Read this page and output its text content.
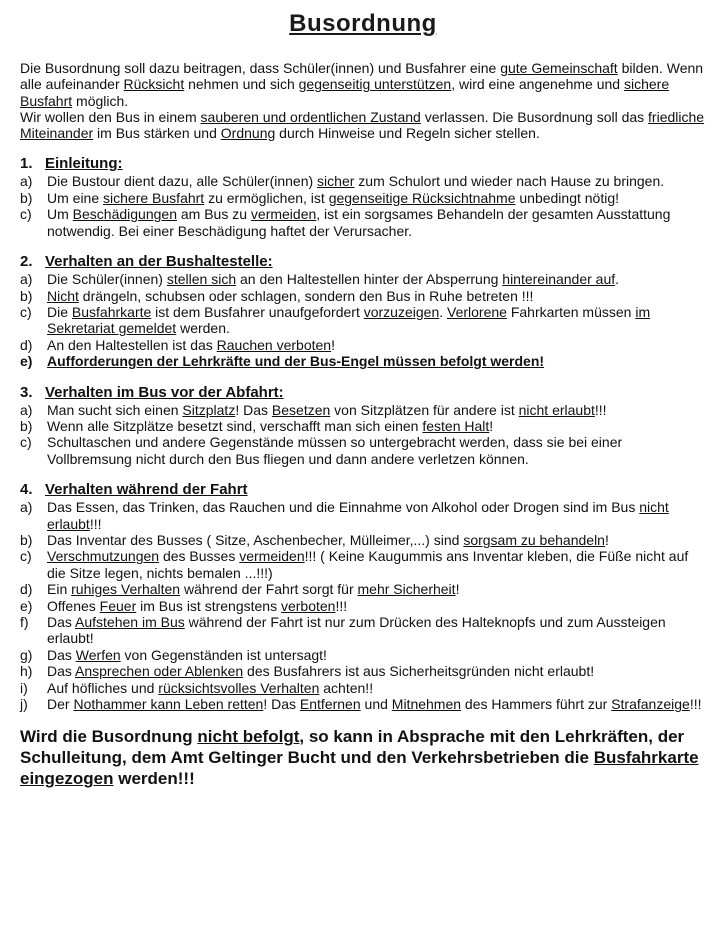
Busordnung

Die Busordnung soll dazu beitragen, dass Schüler(innen) und Busfahrer eine gute Gemeinschaft bilden. Wenn alle aufeinander Rücksicht nehmen und sich gegenseitig unterstützen, wird eine angenehme und sichere Busfahrt möglich.

Wir wollen den Bus in einem sauberen und ordentlichen Zustand verlassen. Die Busordnung soll das friedliche Miteinander im Bus stärken und Ordnung durch Hinweise und Regeln sicher stellen.

1. Einleitung:
a) Die Bustour dient dazu, alle Schüler(innen) sicher zum Schulort und wieder nach Hause zu bringen.
b) Um eine sichere Busfahrt zu ermöglichen, ist gegenseitige Rücksichtnahme unbedingt nötig!
c) Um Beschädigungen am Bus zu vermeiden, ist ein sorgsames Behandeln der gesamten Ausstattung notwendig. Bei einer Beschädigung haftet der Verursacher.
2. Verhalten an der Bushaltestelle:
a) Die Schüler(innen) stellen sich an den Haltestellen hinter der Absperrung hintereinander auf.
b) Nicht drängeln, schubsen oder schlagen, sondern den Bus in Ruhe betreten !!!
c) Die Busfahrkarte ist dem Busfahrer unaufgefordert vorzuzeigen. Verlorene Fahrkarten müssen im Sekretariat gemeldet werden.
d) An den Haltestellen ist das Rauchen verboten!
e) Aufforderungen der Lehrkräfte und der Bus-Engel müssen befolgt werden!
3. Verhalten im Bus vor der Abfahrt:
a) Man sucht sich einen Sitzplatz! Das Besetzen von Sitzplätzen für andere ist nicht erlaubt!!!
b) Wenn alle Sitzplätze besetzt sind, verschafft man sich einen festen Halt!
c) Schultaschen und andere Gegenstände müssen so untergebracht werden, dass sie bei einer Vollbremsung nicht durch den Bus fliegen und dann andere verletzen können.
4. Verhalten während der Fahrt
a) Das Essen, das Trinken, das Rauchen und die Einnahme von Alkohol oder Drogen sind im Bus nicht erlaubt!!!
b) Das Inventar des Busses ( Sitze, Aschenbecher, Mülleimer,...) sind sorgsam zu behandeln!
c) Verschmutzungen des Busses vermeiden!!! ( Keine Kaugummis ans Inventar kleben, die Füße nicht auf die Sitze legen, nichts bemalen ...!!!)
d) Ein ruhiges Verhalten während der Fahrt sorgt für mehr Sicherheit!
e) Offenes Feuer im Bus ist strengstens verboten!!!
f) Das Aufstehen im Bus während der Fahrt ist nur zum Drücken des Halteknopfs und zum Aussteigen erlaubt!
g) Das Werfen von Gegenständen ist untersagt!
h) Das Ansprechen oder Ablenken des Busfahrers ist aus Sicherheitsgründen nicht erlaubt!
i) Auf höfliches und rücksichtsvolles Verhalten achten!!
j) Der Nothammer kann Leben retten! Das Entfernen und Mitnehmen des Hammers führt zur Strafanzeige!!!

Wird die Busordnung nicht befolgt, so kann in Absprache mit den Lehrkräften, der Schulleitung, dem Amt Geltinger Bucht und den Verkehrsbetrieben die Busfahrkarte eingezogen werden!!!
